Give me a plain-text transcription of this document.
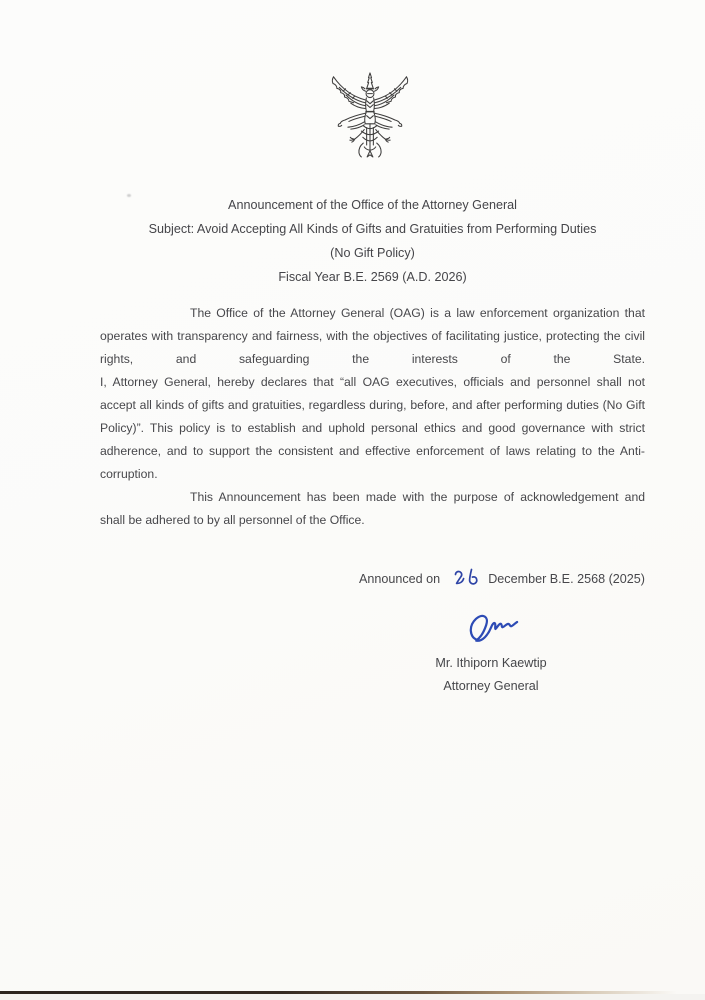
Announcement of the Office of the Attorney General
Subject: Avoid Accepting All Kinds of Gifts and Gratuities from Performing Duties
(No Gift Policy)
Fiscal Year B.E. 2569 (A.D. 2026)

The Office of the Attorney General (OAG) is a law enforcement organization that operates with transparency and fairness, with the objectives of facilitating justice, protecting the civil rights, and safeguarding the interests of the State.

I, Attorney General, hereby declares that “all OAG executives, officials and personnel shall not accept all kinds of gifts and gratuities, regardless during, before, and after performing duties (No Gift Policy)”. This policy is to establish and uphold personal ethics and good governance with strict adherence, and to support the consistent and effective enforcement of laws relating to the Anti-corruption.

This Announcement has been made with the purpose of acknowledgement and shall be adhered to by all personnel of the Office.

Announced on	December B.E. 2568 (2025)
Mr. Ithiporn Kaewtip
Attorney General
